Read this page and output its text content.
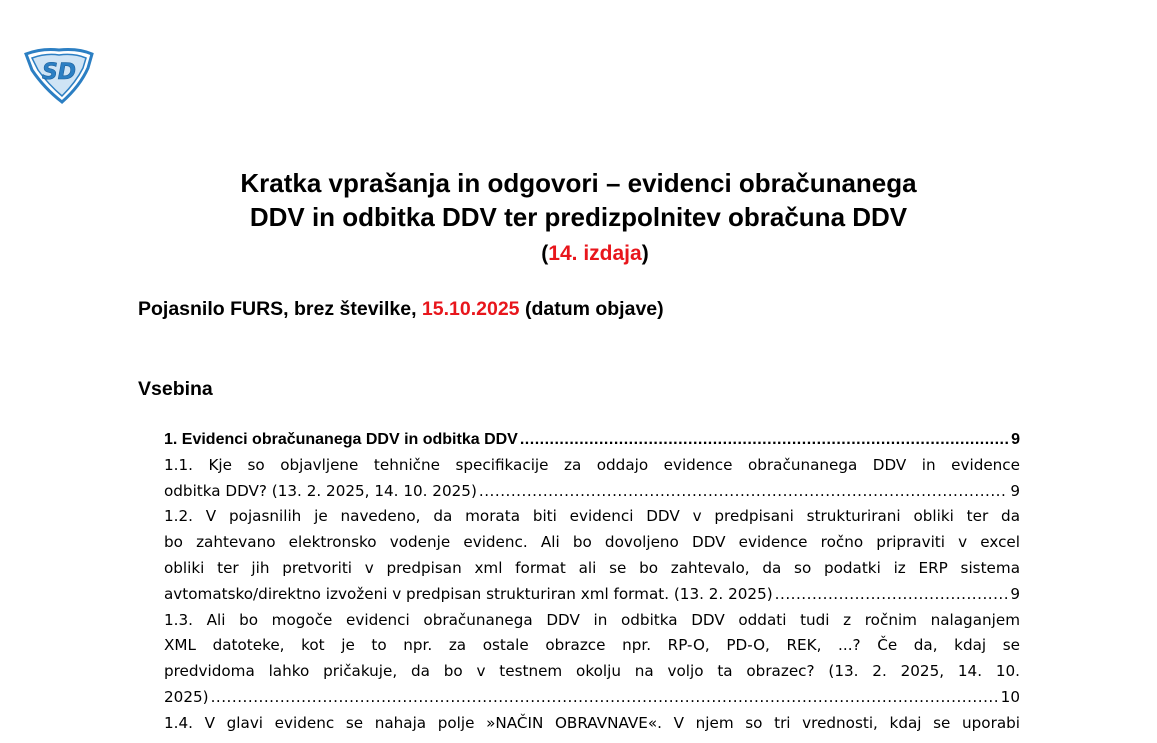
SD
Kratka vprašanja in odgovori – evidenci obračunanega
DDV in odbitka DDV ter predizpolnitev obračuna DDV
(14. izdaja)
Pojasnilo FURS, brez številke, 15.10.2025 (datum objave)
Vsebina
1. Evidenci obračunanega DDV in odbitka DDV .....	9
1.1. Kje so objavljene tehnične specifikacije za oddajo evidence obračunanega DDV in evidence
odbitka DDV? (13. 2. 2025, 14. 10. 2025) .....	9
1.2. V pojasnilih je navedeno, da morata biti evidenci DDV v predpisani strukturirani obliki ter da
bo zahtevano elektronsko vodenje evidenc. Ali bo dovoljeno DDV evidence ročno pripraviti v excel
obliki ter jih pretvoriti v predpisan xml format ali se bo zahtevalo, da so podatki iz ERP sistema
avtomatsko/direktno izvoženi v predpisan strukturiran xml format. (13. 2. 2025) .....	9
1.3. Ali bo mogoče evidenci obračunanega DDV in odbitka DDV oddati tudi z ročnim nalaganjem
XML datoteke, kot je to npr. za ostale obrazce npr. RP-O, PD-O, REK, ...? Če da, kdaj se
predvidoma lahko pričakuje, da bo v testnem okolju na voljo ta obrazec? (13. 2. 2025, 14. 10.
2025) .....	10
1.4. V glavi evidenc se nahaja polje »NAČIN OBRAVNAVE«. V njem so tri vrednosti, kdaj se uporabi
